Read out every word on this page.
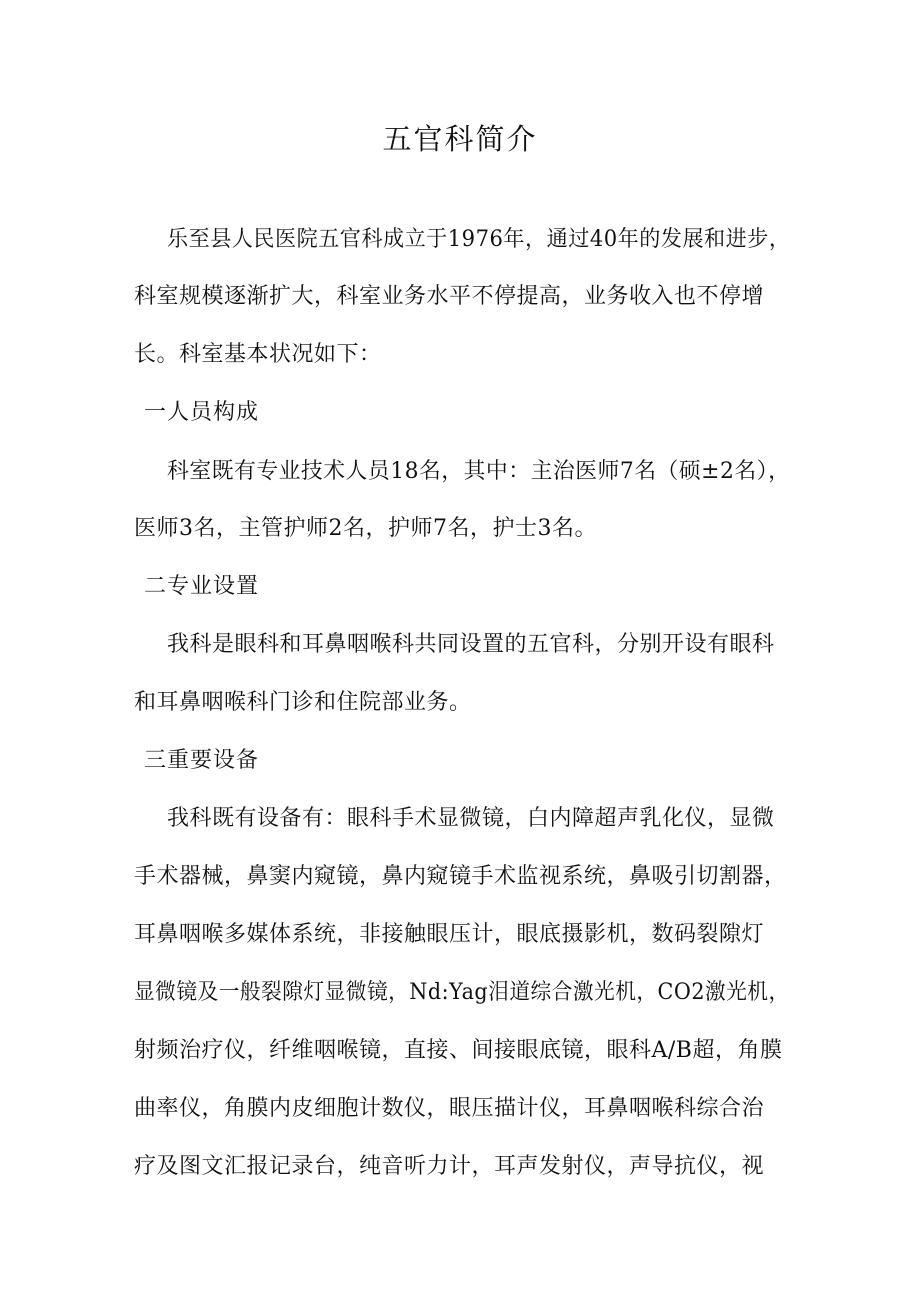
五官科简介
乐至县人民医院五官科成立于1976年，通过40年的发展和进步，
科室规模逐渐扩大，科室业务水平不停提高，业务收入也不停增
长。科室基本状况如下：
一人员构成
科室既有专业技术人员18名，其中：主治医师7名（硕±2名），
医师3名，主管护师2名，护师7名，护士3名。
二专业设置
我科是眼科和耳鼻咽喉科共同设置的五官科，分别开设有眼科
和耳鼻咽喉科门诊和住院部业务。
三重要设备
我科既有设备有：眼科手术显微镜，白内障超声乳化仪，显微
手术器械，鼻窦内窥镜，鼻内窥镜手术监视系统，鼻吸引切割器，
耳鼻咽喉多媒体系统，非接触眼压计，眼底摄影机，数码裂隙灯
显微镜及一般裂隙灯显微镜，Nd:Yag泪道综合激光机，CO2激光机，
射频治疗仪，纤维咽喉镜，直接、间接眼底镜，眼科A/B超，角膜
曲率仪，角膜内皮细胞计数仪，眼压描计仪，耳鼻咽喉科综合治
疗及图文汇报记录台，纯音听力计，耳声发射仪，声导抗仪，视
